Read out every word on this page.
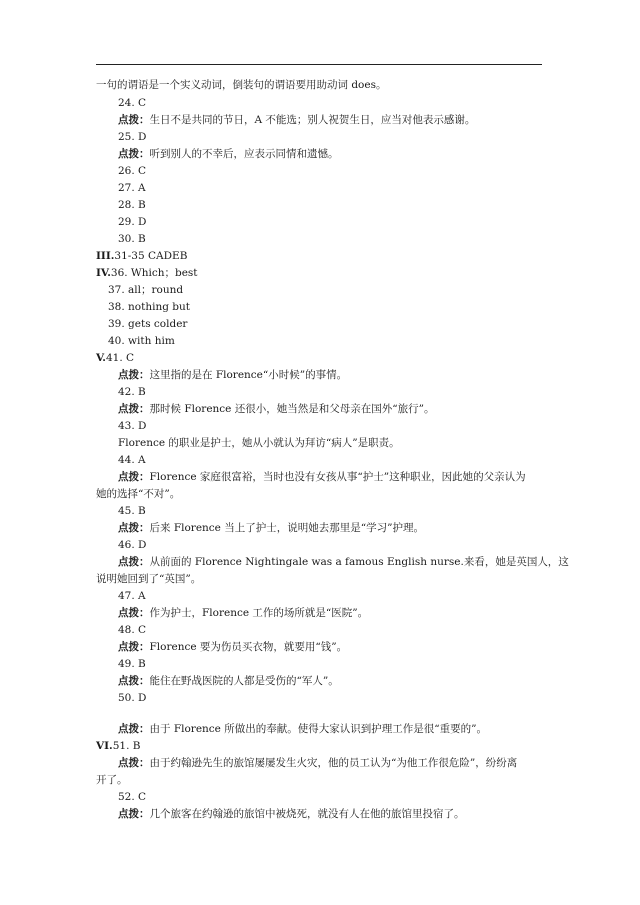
一句的谓语是一个实义动词，倒装句的谓语要用助动词 does。
24. C
点拨：生日不是共同的节日，A 不能选；别人祝贺生日，应当对他表示感谢。
25. D
点拨：听到别人的不幸后，应表示同情和遗憾。
26. C
27. A
28. B
29. D
30. B
III.31-35 CADEB
IV.36. Which；best
37. all；round
38. nothing but
39. gets colder
40. with him
V.41. C
点拨：这里指的是在 Florence“小时候”的事情。
42. B
点拨：那时候 Florence 还很小，她当然是和父母亲在国外“旅行”。
43. D
Florence 的职业是护士，她从小就认为拜访“病人”是职责。
44. A
点拨：Florence 家庭很富裕，当时也没有女孩从事“护士”这种职业，因此她的父亲认为
她的选择“不对”。
45. B
点拨：后来 Florence 当上了护士，说明她去那里是“学习”护理。
46. D
点拨：从前面的 Florence Nightingale was a famous English nurse.来看，她是英国人，这
说明她回到了“英国”。
47. A
点拨：作为护士，Florence 工作的场所就是“医院”。
48. C
点拨：Florence 要为伤员买衣物，就要用“钱”。
49. B
点拨：能住在野战医院的人都是受伤的“军人”。
50. D
点拨：由于 Florence 所做出的奉献。使得大家认识到护理工作是很“重要的”。
VI.51. B
点拨：由于约翰逊先生的旅馆屡屡发生火灾，他的员工认为“为他工作很危险”，纷纷离
开了。
52. C
点拨：几个旅客在约翰逊的旅馆中被烧死，就没有人在他的旅馆里投宿了。
